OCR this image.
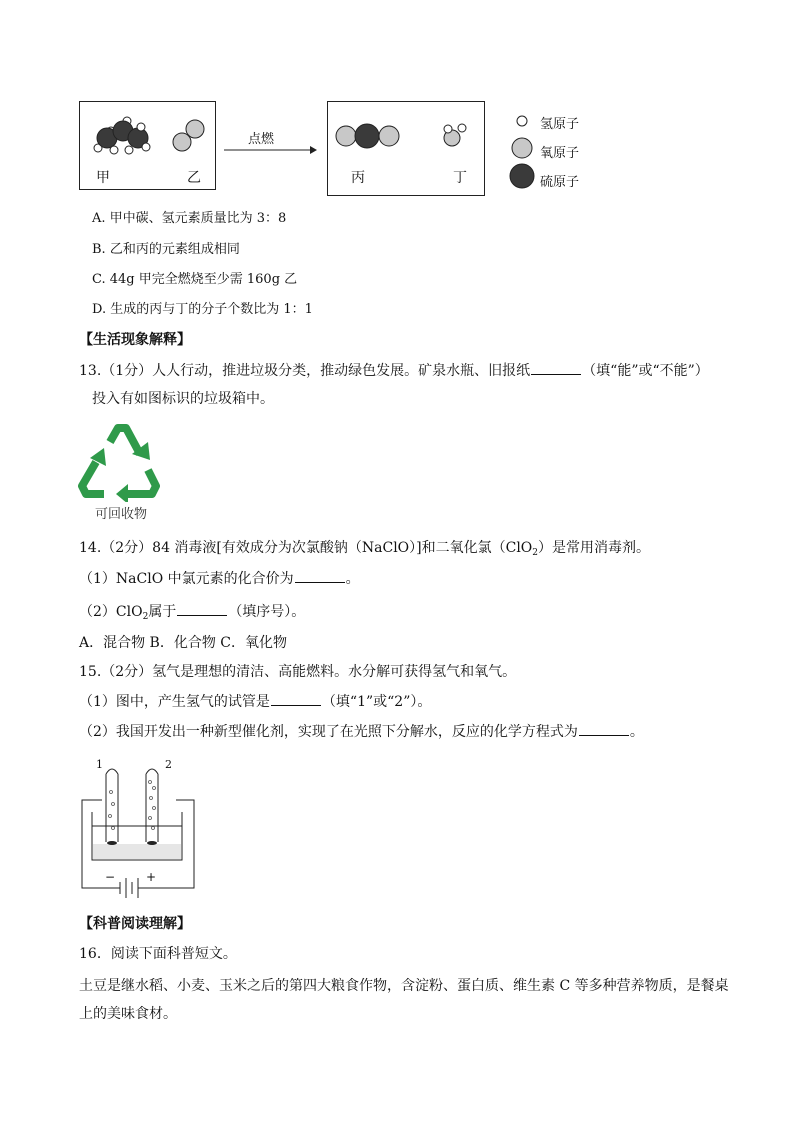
甲	乙
点燃
丙	丁
氢原子
氧原子
硫原子
A. 甲中碳、氢元素质量比为 3：8
B. 乙和丙的元素组成相同
C. 44g 甲完全燃烧至少需 160g 乙
D. 生成的丙与丁的分子个数比为 1：1
【生活现象解释】
13.（1分）人人行动，推进垃圾分类，推动绿色发展。矿泉水瓶、旧报纸	（填“能”或“不能”）
投入有如图标识的垃圾箱中。
可回收物
14.（2分）84 消毒液[有效成分为次氯酸钠（NaClO）]和二氧化氯（ClO$_2$）是常用消毒剂。
（1）NaClO 中氯元素的化合价为	。
（2）ClO$_2$属于	（填序号）。
A．混合物 B．化合物 C．氧化物
15.（2分）氢气是理想的清洁、高能燃料。水分解可获得氢气和氧气。
（1）图中，产生氢气的试管是	（填“1”或“2”）。
（2）我国开发出一种新型催化剂，实现了在光照下分解水，反应的化学方程式为	。
1	2
−	+
【科普阅读理解】
16．阅读下面科普短文。
土豆是继水稻、小麦、玉米之后的第四大粮食作物，含淀粉、蛋白质、维生素 C 等多种营养物质，是餐桌
上的美味食材。
